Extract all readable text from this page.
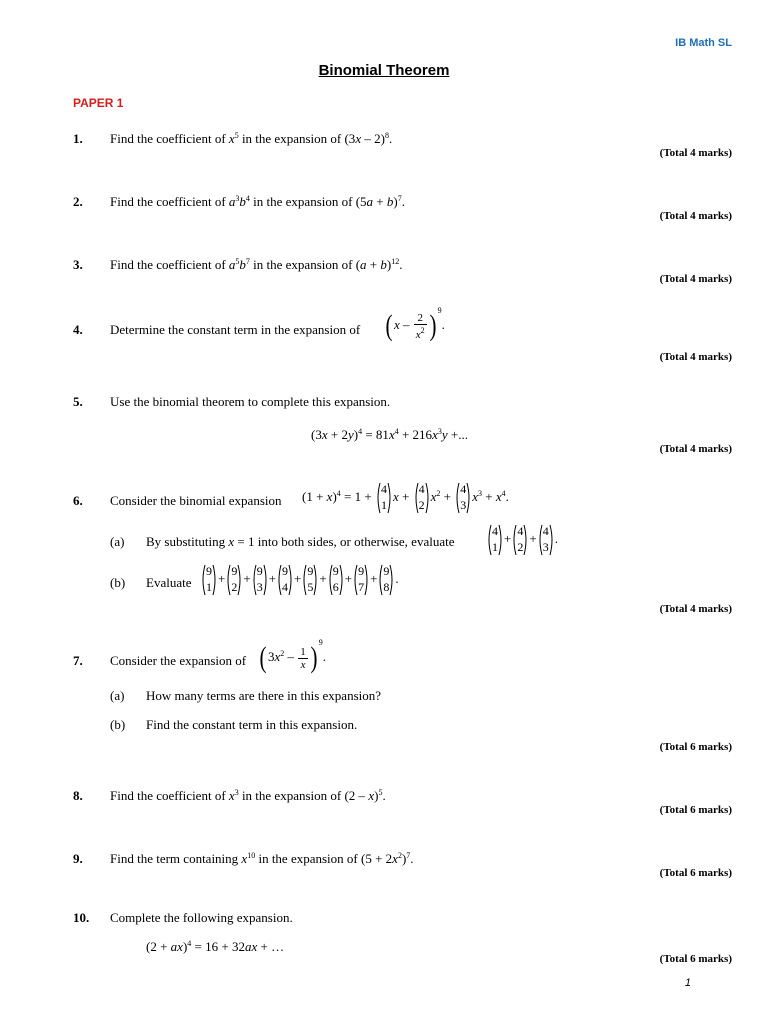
IB Math SL
Binomial Theorem
PAPER 1
1. Find the coefficient of $x^5$ in the expansion of (3x – 2)$^8$.
(Total 4 marks)
2. Find the coefficient of $a^3b^4$ in the expansion of $(5a + b)^7$.
(Total 4 marks)
3. Find the coefficient of $a^5b^7$ in the expansion of $(a + b)^{12}$.
(Total 4 marks)
4. Determine the constant term in the expansion of ( x – $\frac{2}{x^2}$ ) $^9$.
(Total 4 marks)
5. Use the binomial theorem to complete this expansion.
$(3x + 2y)^4 = 81x^4 + 216x^3y$ +...
(Total 4 marks)
6. Consider the binomial expansion $(1 + x)^4 = 1 + 4$
1
x + 4
2
$x^2 + 4$
3
$x^3 + x^4$.
(a) By substituting x = 1 into both sides, or otherwise, evaluate
4
1
+ 4
2
+ 4
3
.
(b) Evaluate
9
1
+ 9
2
+ 9
3
+ 9
4
+ 9
5
+ 9
6
+ 9
7
+ 9
8
.
(Total 4 marks)
7. Consider the expansion of ( $3x^2 - \frac{1}{x}$ ) $^9$.
(a) How many terms are there in this expansion?
(b) Find the constant term in this expansion.
(Total 6 marks)
8. Find the coefficient of $x^3$ in the expansion of (2 – x)$^5$.
(Total 6 marks)
9. Find the term containing $x^{10}$ in the expansion of $(5 + 2x^2)^7$.
(Total 6 marks)
10. Complete the following expansion.
(2 + ax)$^4$ = 16 + 32ax + …
(Total 6 marks)
1
